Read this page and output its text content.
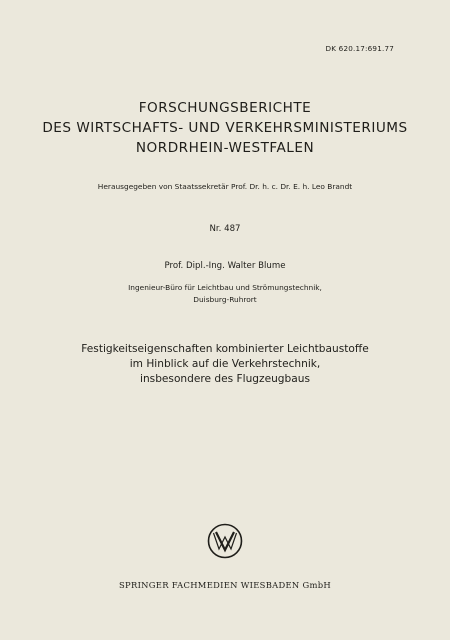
DK 620.17:691.77
FORSCHUNGSBERICHTE
DES WIRTSCHAFTS- UND VERKEHRSMINISTERIUMS
NORDRHEIN-WESTFALEN
Herausgegeben von Staatssekretär Prof. Dr. h. c. Dr. E. h. Leo Brandt
Nr. 487
Prof. Dipl.-Ing. Walter Blume
Ingenieur-Büro für Leichtbau und Strömungstechnik,
Duisburg-Ruhrort
Festigkeitseigenschaften kombinierter Leichtbaustoffe
im Hinblick auf die Verkehrstechnik,
insbesondere des Flugzeugbaus
SPRINGER FACHMEDIEN WIESBADEN GmbH
